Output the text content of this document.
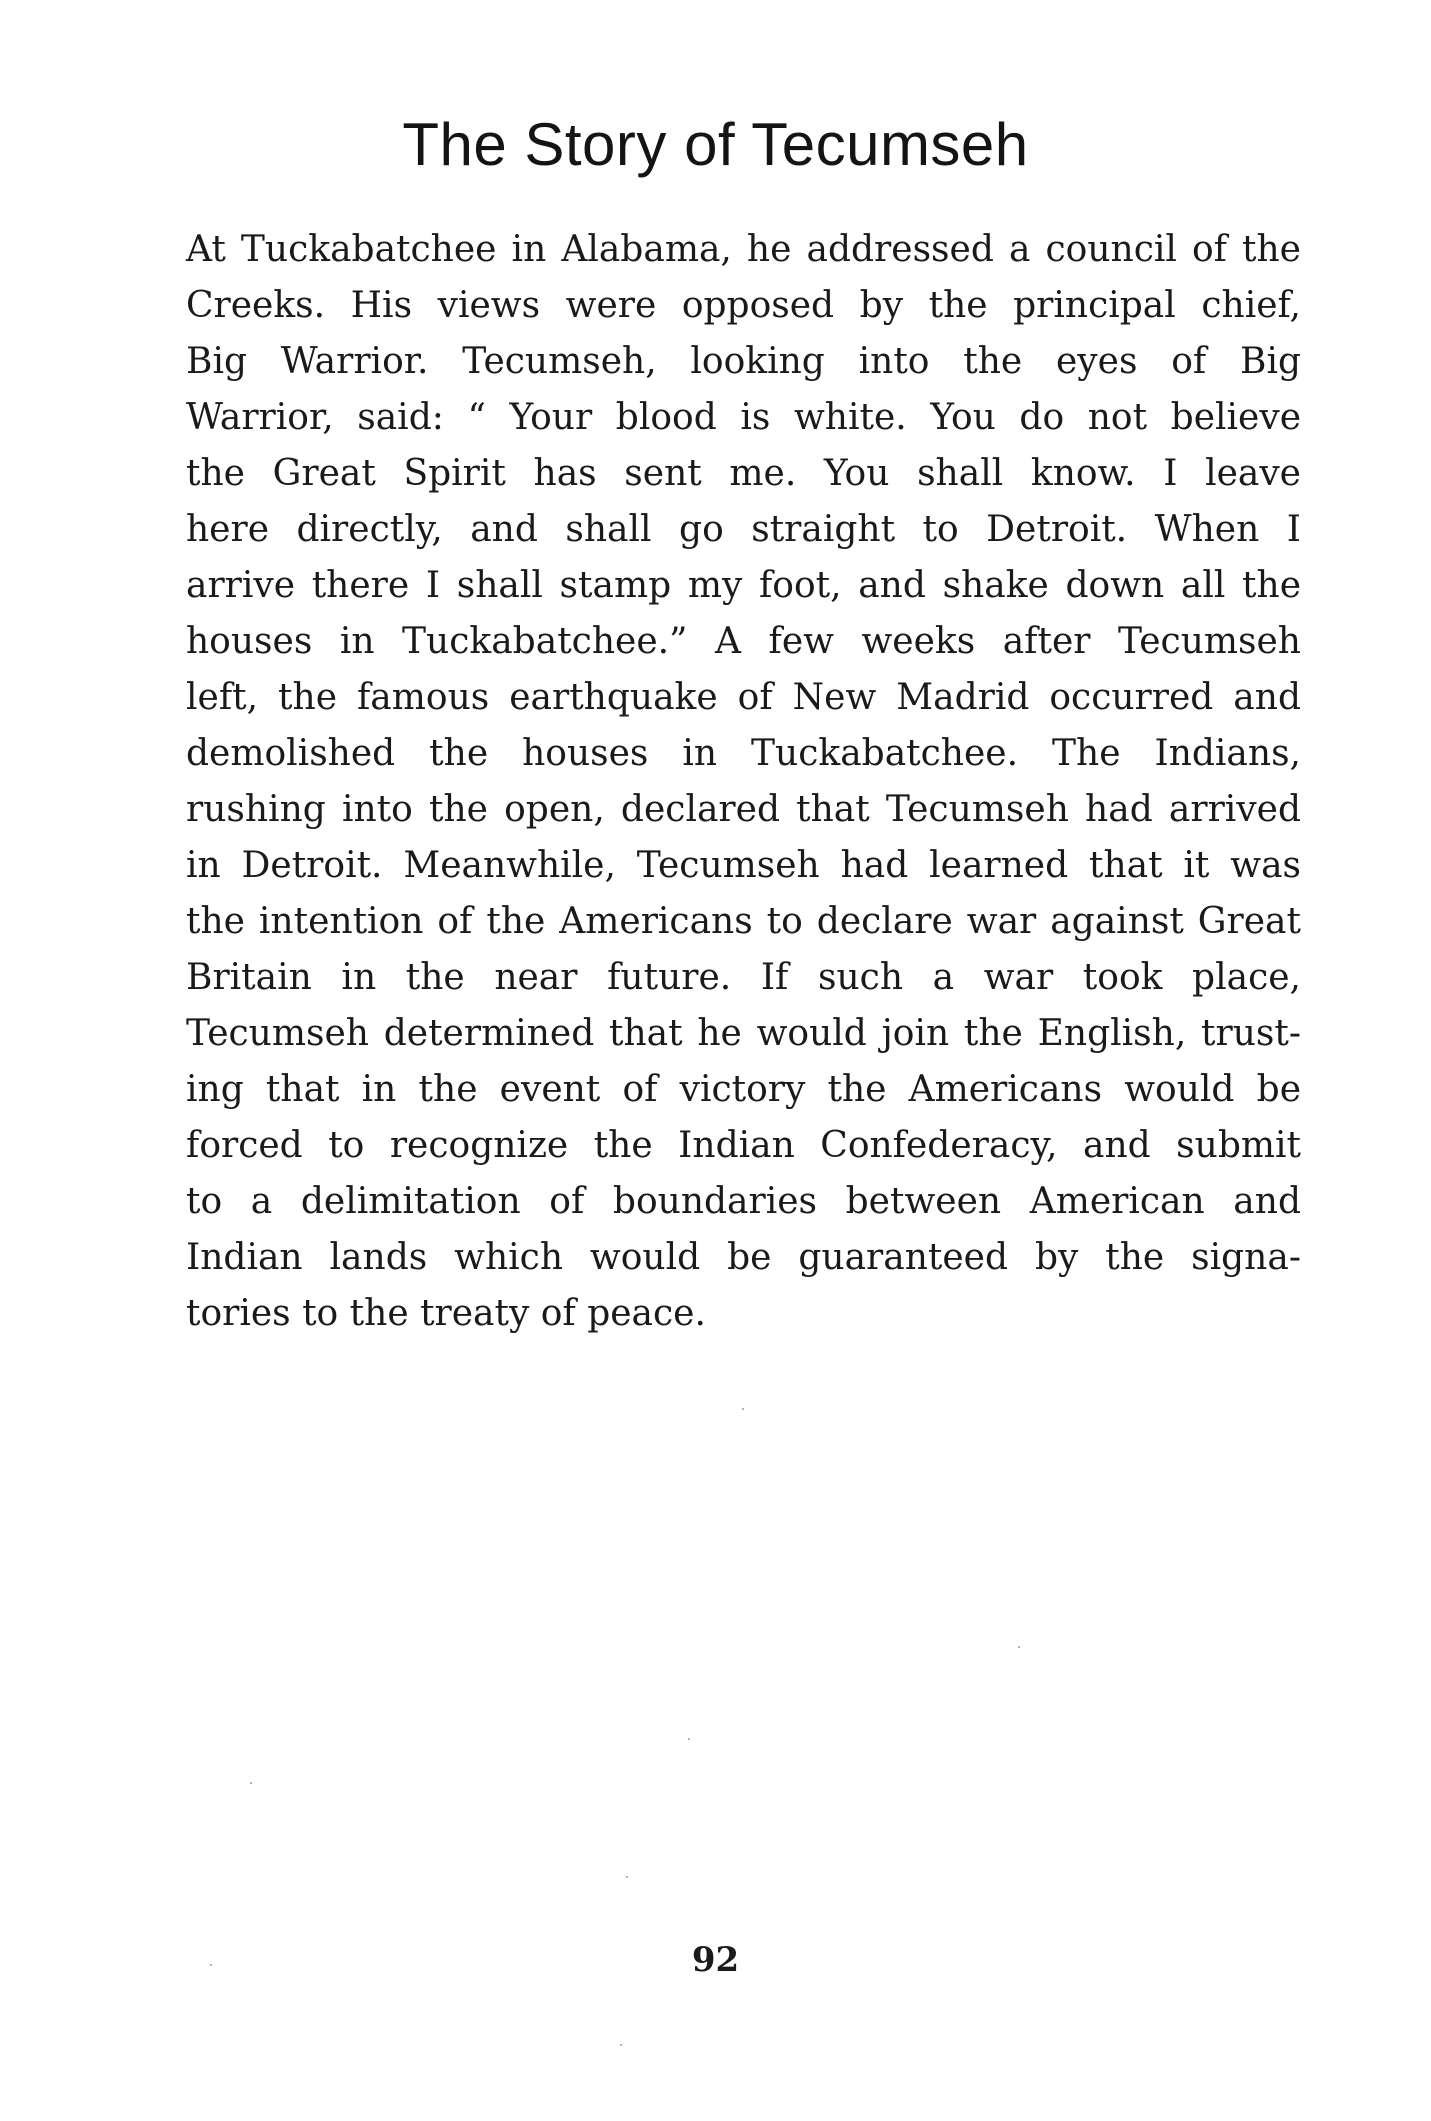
The Story of Tecumseh
At Tuckabatchee in Alabama, he addressed a council of the
Creeks. His views were opposed by the principal chief,
Big Warrior. Tecumseh, looking into the eyes of Big
Warrior, said: “ Your blood is white. You do not believe
the Great Spirit has sent me. You shall know. I leave
here directly, and shall go straight to Detroit. When I
arrive there I shall stamp my foot, and shake down all the
houses in Tuckabatchee.” A few weeks after Tecumseh
left, the famous earthquake of New Madrid occurred and
demolished the houses in Tuckabatchee. The Indians,
rushing into the open, declared that Tecumseh had arrived
in Detroit. Meanwhile, Tecumseh had learned that it was
the intention of the Americans to declare war against Great
Britain in the near future. If such a war took place,
Tecumseh determined that he would join the English, trust-
ing that in the event of victory the Americans would be
forced to recognize the Indian Confederacy, and submit
to a delimitation of boundaries between American and
Indian lands which would be guaranteed by the signa-
tories to the treaty of peace.
92
